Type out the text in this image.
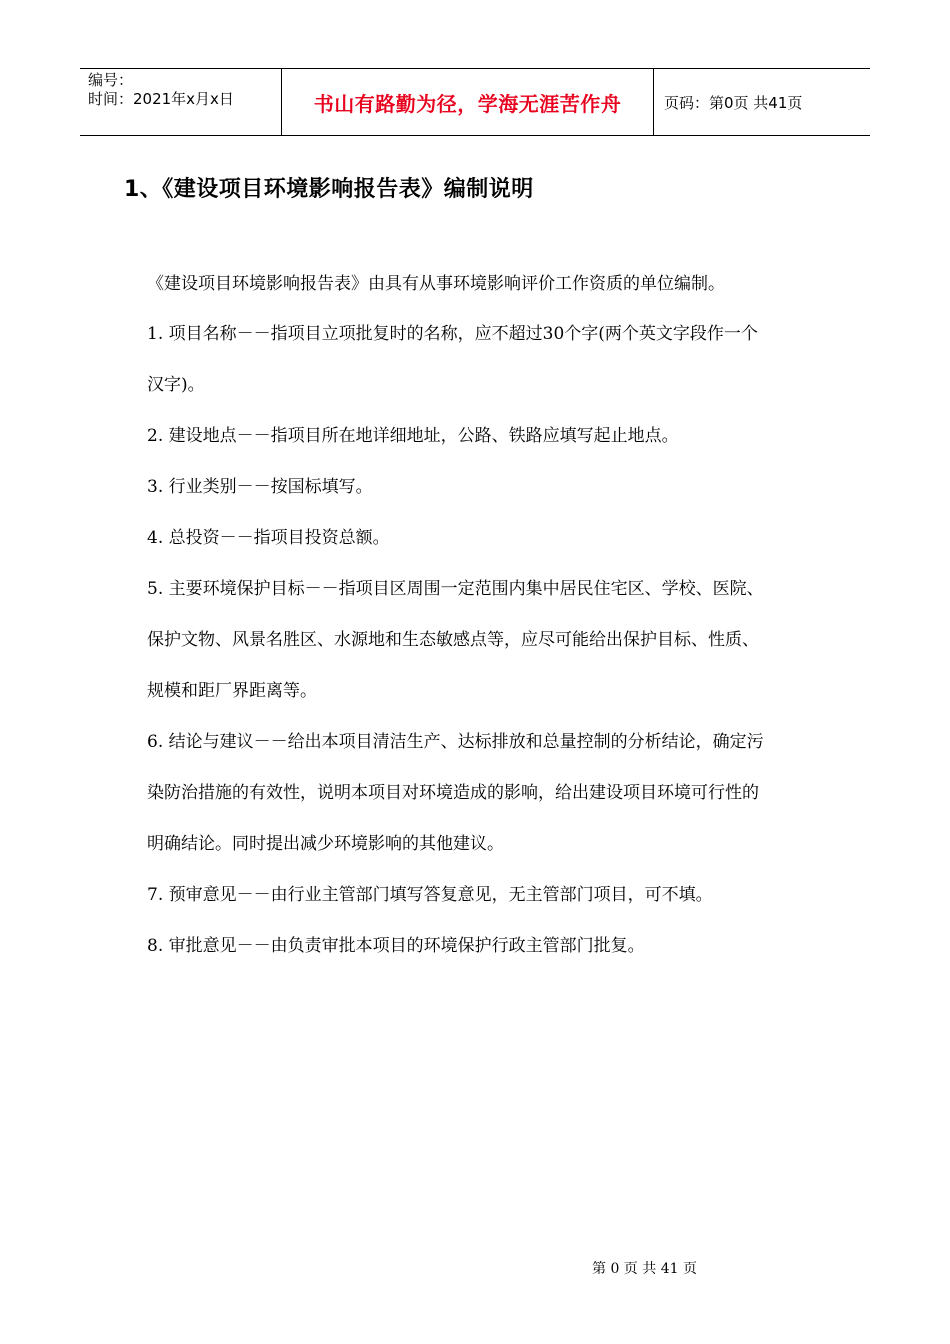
编号：
时间：2021年x月x日	书山有路勤为径，学海无涯苦作舟	页码：第0页 共41页
1、《建设项目环境影响报告表》编制说明

《建设项目环境影响报告表》由具有从事环境影响评价工作资质的单位编制。

1. 项目名称－－指项目立项批复时的名称，应不超过30个字(两个英文字段作一个

汉字)。

2. 建设地点－－指项目所在地详细地址，公路、铁路应填写起止地点。

3. 行业类别－－按国标填写。

4. 总投资－－指项目投资总额。

5. 主要环境保护目标－－指项目区周围一定范围内集中居民住宅区、学校、医院、

保护文物、风景名胜区、水源地和生态敏感点等，应尽可能给出保护目标、性质、

规模和距厂界距离等。

6. 结论与建议－－给出本项目清洁生产、达标排放和总量控制的分析结论，确定污

染防治措施的有效性，说明本项目对环境造成的影响，给出建设项目环境可行性的

明确结论。同时提出减少环境影响的其他建议。

7. 预审意见－－由行业主管部门填写答复意见，无主管部门项目，可不填。

8. 审批意见－－由负责审批本项目的环境保护行政主管部门批复。

第 0 页 共 41 页
